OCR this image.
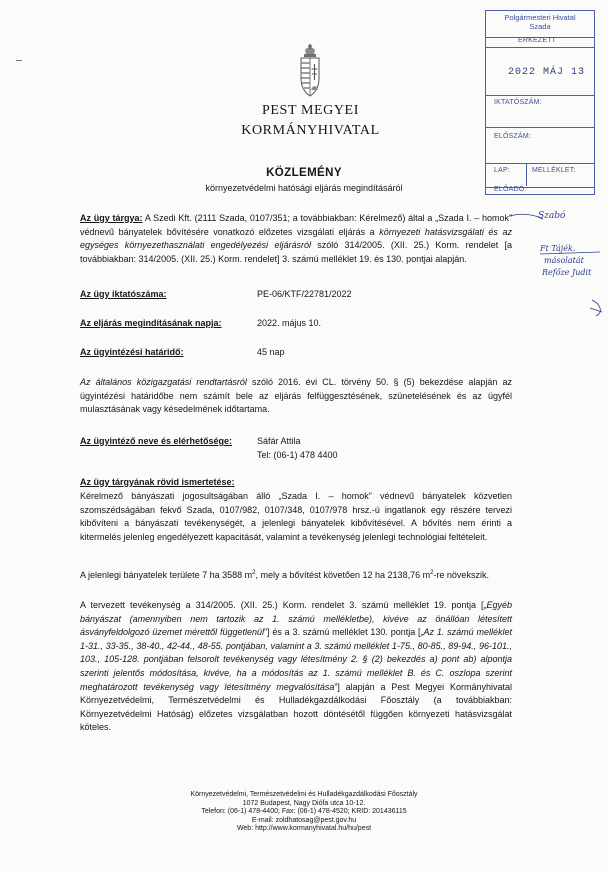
Polgármesteri Hivatal
Szada
ERKEZETT
2022 MÁJ 13
IKTATÓSZÁM:
ELŐSZÁM:
LAP:	MELLÉKLET:
ELŐADÓ:
Szabó
Ft Tájék.
másolatát
Refőze Judit
PEST MEGYEI
KORMÁNYHIVATAL
KÖZLEMÉNY
környezetvédelmi hatósági eljárás megindításáról
Az ügy tárgya: A Szedi Kft. (2111 Szada, 0107/351; a továbbiakban: Kérelmező) által a „Szada I. – homok” védnevű bányatelek bővítésére vonatkozó előzetes vizsgálati eljárás a környezeti hatásvizsgálati és az egységes környezethasználati engedélyezési eljárásról szóló 314/2005. (XII. 25.) Korm. rendelet [a továbbiakban: 314/2005. (XII. 25.) Korm. rendelet] 3. számú melléklet 19. és 130. pontjai alapján.
Az ügy iktatószáma:	PE-06/KTF/22781/2022
Az eljárás megindításának napja:	2022. május 10.
Az ügyintézési határidő:	45 nap
Az általános közigazgatási rendtartásról szóló 2016. évi CL. törvény 50. § (5) bekezdése alapján az ügyintézési határidőbe nem számít bele az eljárás felfüggesztésének, szünetelésének és az ügyfél mulasztásának vagy késedelmének időtartama.
Az ügyintéző neve és elérhetősége:	Sáfár Attila
Tel: (06-1) 478 4400
Az ügy tárgyának rövid ismertetése:
Kérelmező bányászati jogosultságában álló „Szada I. – homok” védnevű bányatelek közvetlen szomszédságában fekvő Szada, 0107/982, 0107/348, 0107/978 hrsz.-ú ingatlanok egy részére tervezi kibővíteni a bányászati tevékenységét, a jelenlegi bányatelek kibővítésével. A bővítés nem érinti a kitermelés jelenleg engedélyezett kapacitását, valamint a tevékenység jelenlegi technológiai feltételeit.
A jelenlegi bányatelek területe 7 ha 3588 $m^2$, mely a bővítést követően 12 ha 2138,76 $m^2-re$ növekszik.
A tervezett tevékenység a 314/2005. (XII. 25.) Korm. rendelet 3. számú melléklet 19. pontja [„Egyéb bányászat (amennyiben nem tartozik az 1. számú mellékletbe), kivéve az önállóan létesített ásványfeldolgozó üzemet mérettől függetlenül”] és a 3. számú melléklet 130. pontja [„Az 1. számú melléklet 1-31., 33-35., 38-40., 42-44., 48-55. pontjában, valamint a 3. számú melléklet 1-75., 80-85., 89-94., 96-101., 103., 105-128. pontjában felsorolt tevékenység vagy létesítmény 2. § (2) bekezdés a) pont ab) alpontja szerinti jelentős módosítása, kivéve, ha a módosítás az 1. számú melléklet B. és C. oszlopa szerint meghatározott tevékenység vagy létesítmény megvalósítása”] alapján a Pest Megyei Kormányhivatal Környezetvédelmi, Természetvédelmi és Hulladékgazdálkodási Főosztály (a továbbiakban: Környezetvédelmi Hatóság) előzetes vizsgálatban hozott döntésétől függően környezeti hatásvizsgálat köteles.
Környezetvédelmi, Természetvédelmi és Hulladékgazdálkodási Főosztály
1072 Budapest, Nagy Diófa utca 10-12.
Telefon: (06-1) 478-4400; Fax: (06-1) 478-4520; KRID: 201436115
E-mail: zoldhatosag@pest.gov.hu
Web: http://www.kormanyhivatal.hu/hu/pest
